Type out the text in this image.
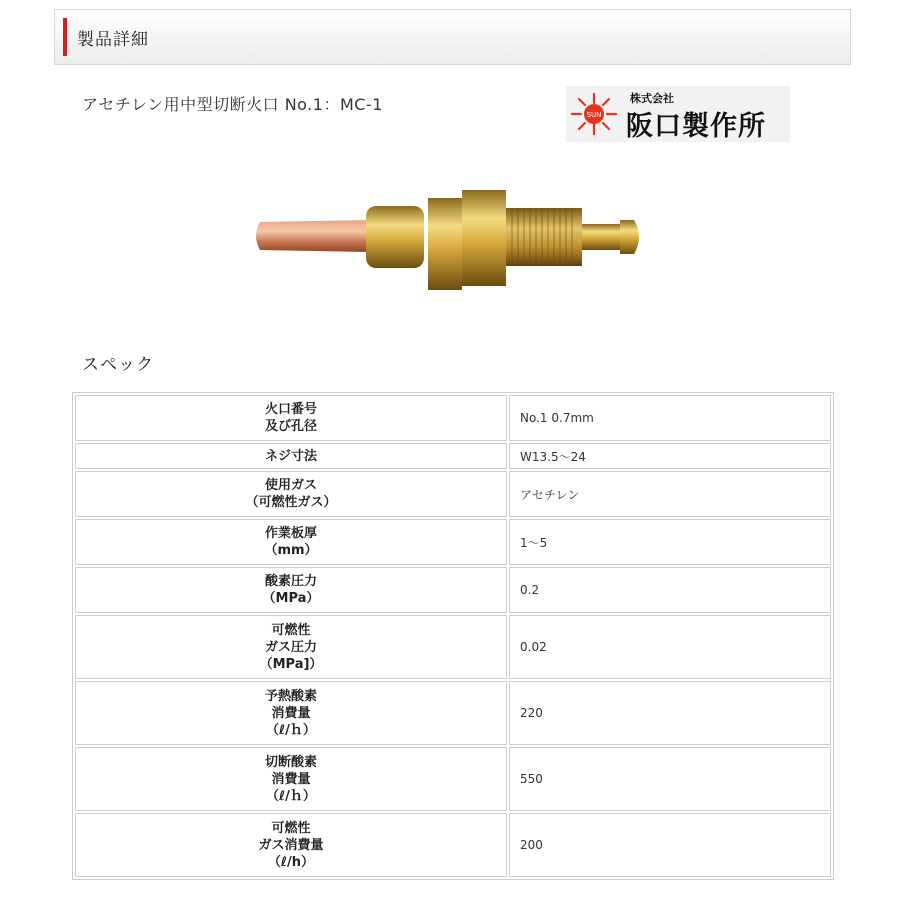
製品詳細
アセチレン用中型切断火口 No.1：MC-1
SUN
株式会社
阪口製作所
スペック
火口番号
及び孔径	No.1 0.7mm
ネジ寸法	W13.5～24
使用ガス
（可燃性ガス）	アセチレン
作業板厚
（mm）	1～5
酸素圧力
（MPa）	0.2
可燃性
ガス圧力
（MPa]）	0.02
予熱酸素
消費量
（ℓ/ｈ）	220
切断酸素
消費量
（ℓ/ｈ）	550
可燃性
ガス消費量
（ℓ/h）	200
